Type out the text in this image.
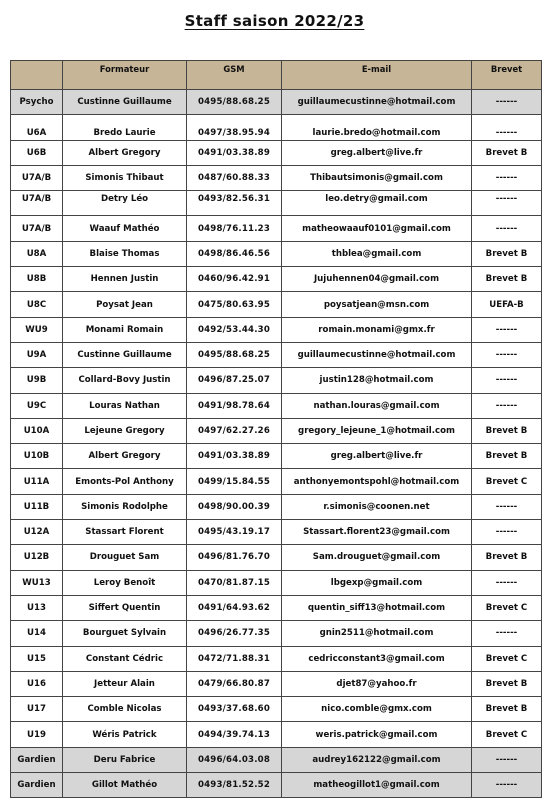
Staff saison 2022/23
	Formateur	GSM	E-mail	Brevet
Psycho	Custinne Guillaume	0495/88.68.25	guillaumecustinne@hotmail.com	------
U6A	Bredo Laurie	0497/38.95.94	laurie.bredo@hotmail.com	------
U6B	Albert Gregory	0491/03.38.89	greg.albert@live.fr	Brevet B
U7A/B	Simonis Thibaut	0487/60.88.33	Thibautsimonis@gmail.com	------
U7A/B	Detry Léo	0493/82.56.31	leo.detry@gmail.com	------
U7A/B	Waauf Mathéo	0498/76.11.23	matheowaauf0101@gmail.com	------
U8A	Blaise Thomas	0498/86.46.56	thblea@gmail.com	Brevet B
U8B	Hennen Justin	0460/96.42.91	Jujuhennen04@gmail.com	Brevet B
U8C	Poysat Jean	0475/80.63.95	poysatjean@msn.com	UEFA-B
WU9	Monami Romain	0492/53.44.30	romain.monami@gmx.fr	------
U9A	Custinne Guillaume	0495/88.68.25	guillaumecustinne@hotmail.com	------
U9B	Collard-Bovy Justin	0496/87.25.07	justin128@hotmail.com	------
U9C	Louras Nathan	0491/98.78.64	nathan.louras@gmail.com	------
U10A	Lejeune Gregory	0497/62.27.26	gregory_lejeune_1@hotmail.com	Brevet B
U10B	Albert Gregory	0491/03.38.89	greg.albert@live.fr	Brevet B
U11A	Emonts-Pol Anthony	0499/15.84.55	anthonyemontspohl@hotmail.com	Brevet C
U11B	Simonis Rodolphe	0498/90.00.39	r.simonis@coonen.net	------
U12A	Stassart Florent	0495/43.19.17	Stassart.florent23@gmail.com	------
U12B	Drouguet Sam	0496/81.76.70	Sam.drouguet@gmail.com	Brevet B
WU13	Leroy Benoît	0470/81.87.15	lbgexp@gmail.com	------
U13	Siffert Quentin	0491/64.93.62	quentin_siff13@hotmail.com	Brevet C
U14	Bourguet Sylvain	0496/26.77.35	gnin2511@hotmail.com	------
U15	Constant Cédric	0472/71.88.31	cedricconstant3@gmail.com	Brevet C
U16	Jetteur Alain	0479/66.80.87	djet87@yahoo.fr	Brevet B
U17	Comble Nicolas	0493/37.68.60	nico.comble@gmx.com	Brevet B
U19	Wéris Patrick	0494/39.74.13	weris.patrick@gmail.com	Brevet C
Gardien	Deru Fabrice	0496/64.03.08	audrey162122@gmail.com	------
Gardien	Gillot Mathéo	0493/81.52.52	matheogillot1@gmail.com	------
